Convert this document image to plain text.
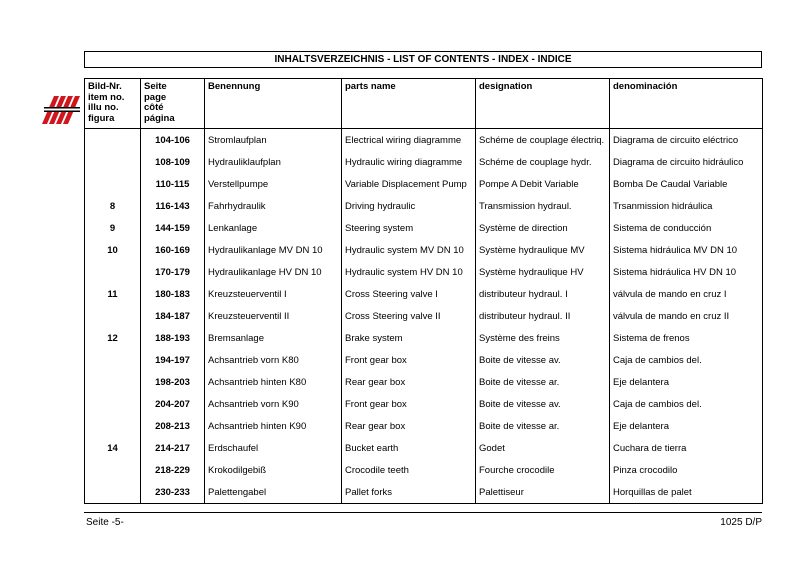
INHALTSVERZEICHNIS - LIST OF CONTENTS - INDEX - INDICE
Bild-Nr.
item no.
illu no.
figura	Seite
page
côté
página	Benennung	parts name	designation	denominación
	104-106	Stromlaufplan	Electrical wiring diagramme	Schéme de couplage électriq.	Diagrama de circuito eléctrico
	108-109	Hydrauliklaufplan	Hydraulic wiring diagramme	Schéme de couplage hydr.	Diagrama de circuito hidráulico
	110-115	Verstellpumpe	Variable Displacement Pump	Pompe A Debit Variable	Bomba De Caudal Variable
8	116-143	Fahrhydraulik	Driving hydraulic	Transmission hydraul.	Trsanmission hidráulica
9	144-159	Lenkanlage	Steering system	Système de direction	Sistema de conducción
10	160-169	Hydraulikanlage MV DN 10	Hydraulic system MV DN 10	Système hydraulique MV	Sistema hidráulica MV DN 10
	170-179	Hydraulikanlage HV DN 10	Hydraulic system HV DN 10	Système hydraulique HV	Sistema hidráulica HV DN 10
11	180-183	Kreuzsteuerventil I	Cross Steering valve I	distributeur hydraul. I	válvula de mando en cruz I
	184-187	Kreuzsteuerventil II	Cross Steering valve II	distributeur hydraul. II	válvula de mando en cruz II
12	188-193	Bremsanlage	Brake system	Système des freins	Sistema de frenos
	194-197	Achsantrieb vorn K80	Front gear box	Boite de vitesse av.	Caja de cambios del.
	198-203	Achsantrieb hinten K80	Rear gear box	Boite de vitesse ar.	Eje delantera
	204-207	Achsantrieb vorn K90	Front gear box	Boite de vitesse av.	Caja de cambios del.
	208-213	Achsantrieb hinten K90	Rear gear box	Boite de vitesse ar.	Eje delantera
14	214-217	Erdschaufel	Bucket earth	Godet	Cuchara de tierra
	218-229	Krokodilgebiß	Crocodile teeth	Fourche crocodile	Pinza crocodilo
	230-233	Palettengabel	Pallet forks	Palettiseur	Horquillas de palet
Seite -5-	1025 D/P
